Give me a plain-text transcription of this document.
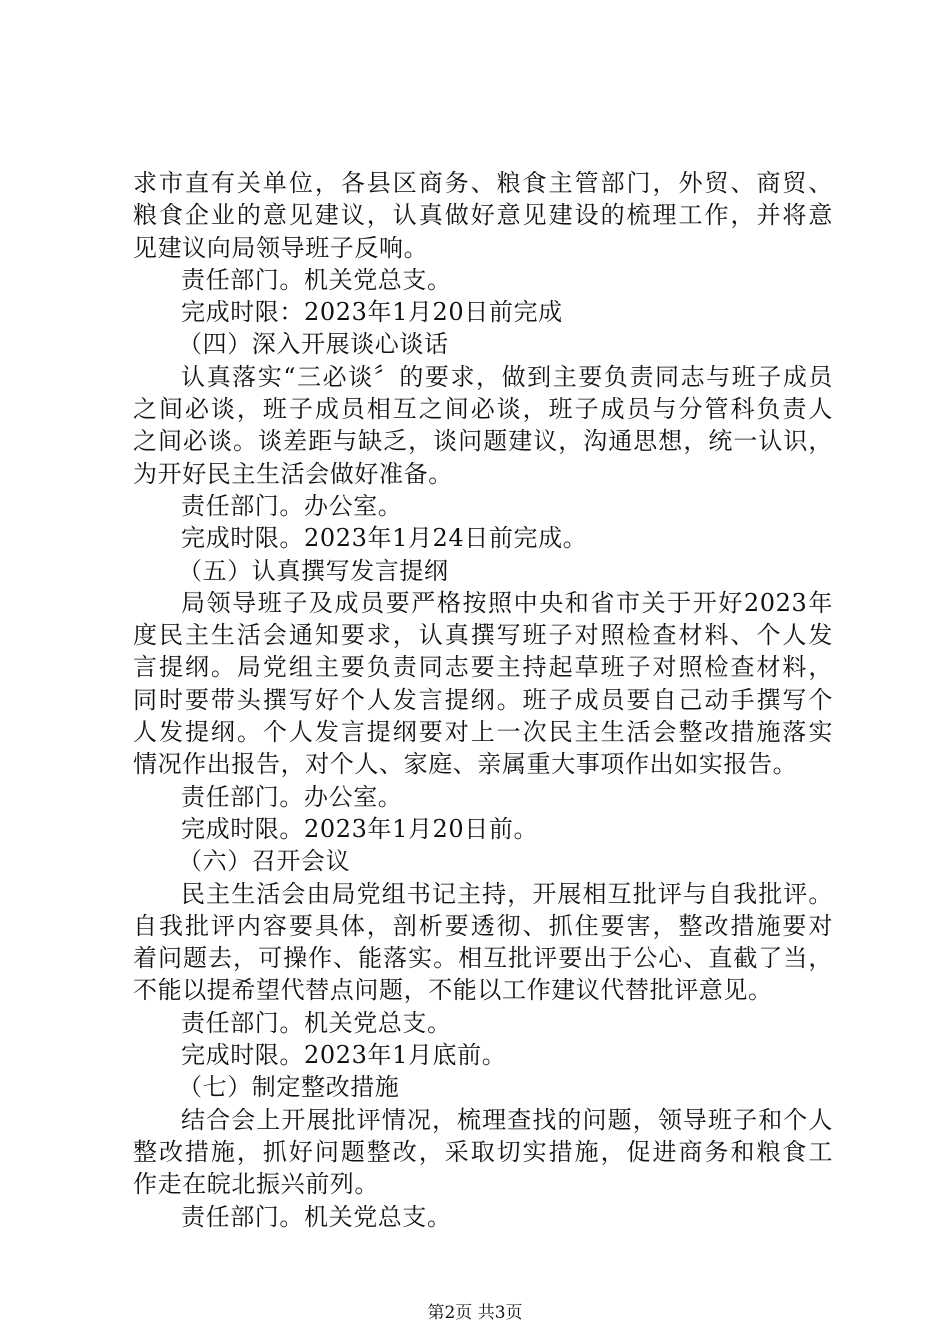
求市直有关单位，各县区商务、粮食主管部门，外贸、商贸、
粮食企业的意见建议，认真做好意见建设的梳理工作，并将意
见建议向局领导班子反响。
责任部门。机关党总支。
完成时限：2023年1月20日前完成
（四）深入开展谈心谈话
认真落实“三必谈〞的要求，做到主要负责同志与班子成员
之间必谈，班子成员相互之间必谈，班子成员与分管科负责人
之间必谈。谈差距与缺乏，谈问题建议，沟通思想，统一认识，
为开好民主生活会做好准备。
责任部门。办公室。
完成时限。2023年1月24日前完成。
（五）认真撰写发言提纲
局领导班子及成员要严格按照中央和省市关于开好2023年
度民主生活会通知要求，认真撰写班子对照检查材料、个人发
言提纲。局党组主要负责同志要主持起草班子对照检查材料，
同时要带头撰写好个人发言提纲。班子成员要自己动手撰写个
人发提纲。个人发言提纲要对上一次民主生活会整改措施落实
情况作出报告，对个人、家庭、亲属重大事项作出如实报告。
责任部门。办公室。
完成时限。2023年1月20日前。
（六）召开会议
民主生活会由局党组书记主持，开展相互批评与自我批评。
自我批评内容要具体，剖析要透彻、抓住要害，整改措施要对
着问题去，可操作、能落实。相互批评要出于公心、直截了当，
不能以提希望代替点问题，不能以工作建议代替批评意见。
责任部门。机关党总支。
完成时限。2023年1月底前。
（七）制定整改措施
结合会上开展批评情况，梳理查找的问题，领导班子和个人
整改措施，抓好问题整改，采取切实措施，促进商务和粮食工
作走在皖北振兴前列。
责任部门。机关党总支。
第2页 共3页
